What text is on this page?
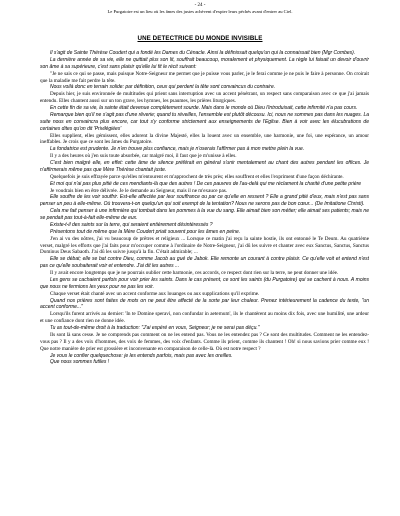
- 24 -
Le Purgatoire est un lieu où les âmes des justes achèvent d'expier leurs péchés avant d'entrer au Ciel.
UNE DETECTRICE DU MONDE INVISIBLE

Il s'agit de Sainte Thérèse Coudert qui a fondé les Dames du Cénacle. Ainsi la définissait quelqu'un qui la connaissait bien (Mgr Combes).

La dernière année de sa vie, elle ne quittait plus son lit, souffrait beaucoup, moralement et physiquement. La règle lui faisait un devoir d'ouvrir son âme à sa supérieure, c'est sans plaisir qu'elle lui fit le récit suivant:

"Je ne sais ce qui se passe, mais puisque Notre-Seigneur me permet que je puisse vous parler, je le ferai comme je ne puis le faire à personne. On croirait que la maladie me fait perdre la tête.

Nous voilà donc en terrain solide: par définition, ceux qui perdent la tête sont convaincus du contraire.

Depuis hier, je suis environnée de multitudes qui prient sans interruption avec un accent pénétrant, un respect sans comparaison avec ce que j'ai jamais entendu. Elles chantent aussi sur un ton grave, les hymnes, les psaumes, les prières liturgiques.

En cette fin de sa vie, la sainte était devenue complètement sourde. Mais dans le monde où Dieu l'introduisait, cette infirmité n'a pas cours.

Remarque bien qu'il ne s'agit pas d'une rêverie; quand tu réveilles, l'ensemble est plutôt décousu. Ici, nous ne sommes pas dans les nuages. La suite nous en convaincra plus encore, car tout s'y conforme strictement aux enseignements de l'Eglise. Bien à voir avec les élucubrations de certaines dites qu'on dit 'Privilégiées'

Elles supplient, elles gémissent, elles adorent la divine Majesté, elles la louent avec un ensemble, une harmonie, une foi, une espérance, un amour ineffables. Je crois que ce sont les âmes du Purgatoire.

La fondatrice est prudente. Je n'en trouve plus confiance, mais je n'oserais l'affirmer pas à mon mettre plein la vue.

Il y a des heures où j'en suis toute absorbée, car malgré moi, il faut que je m'unisse à elles.

C'est bien malgré elle, en effet: cette âme de silence préférait en général s'unir mentalement au chant des autres pendant les offices. Je n'affirmerais même pas que Mère Thérèse chantait juste.

Quelquefois je suis effrayée parce qu'elles m'entourent et m'approchent de très près; elles souffrent et elles l'expriment d'une façon déchirante.

Et moi qui n'ai pas plus pitié de ces mendiants-là que des autres ! De ces pauvres de l'au-delà qui me réclament la charité d'une petite prière

Je voudrais bien en être délivrée. Je le demande au Seigneur, mais il ne m'exauce pas.

Elle souffre de les voir souffrir. Est-elle affectée par leur souffrance ou par ce qu'elle en ressent ? Elle a grand pitié d'eux, mais n'est pas sans penser un peu à elle-même. Où trouvera-t-on quelqu'un qui soit exempt de la tentation? Nous ne serons pas de bon cœur... (De Imitatione Christi).

Cela me fait penser à une infirmière qui tombait dans les pommes à la vue du sang. Elle aimait bien son métier; elle aimait ses patients; mais ne se pendait pas tout-à-fait elle-même de eux.

Existe-t-il des saints sur la terre, qui seraient entièrement désintéressés ?

Présentons tout de même que la Mère Coudert priait souvent pour les âmes en peine.

J'en ai vu des nôtres, j'ai vu beaucoup de prêtres et religieux ... Lorsque ce matin j'ai reçu la sainte hostie, ils ont entonné le Te Deum. Au quatrième verset, malgré les efforts que j'ai faits pour m'occuper comme à l'ordinaire de Notre-Seigneur, j'ai dû les suivre et chanter avec eux Sanctus, Sanctus, Sanctus Dominus Deus Sabaoth. J'ai dû les suivre jusqu'à la fin. C'était admirable; ...

Elle se débat; elle se bat contre Dieu, comme Jacob au gué de Jabok. Elle remonte un courant à contre plaisir. Ce qu'elle voit et entend n'est pas ce qu'elle souhaiterait voir et entendre. J'ai dit les autres ...

Il y avait encore longtemps que je ne pourrais oublier cette harmonie, ces accords, ce respect dont rien sur la terre, ne peut donner une idée.

Les gens se cachaient parfois pour voir prier les saints. Dans le cas présent, ce sont les saints (du Purgatoire) qui se cachent à nous. A moins que nous ne fermions les yeux pour ne pas les voir.

Chaque verset était chanté avec un accent conforme aux louanges ou aux supplications qu'il exprime.

Quand nos prières sont faites de mots on ne peut être affecté de la sorte par leur chaleur. Prenez intérieurement la cadence du texte, "un accent conforme..."

Lorsqu'ils furent arrivés au dernier: 'In te Domine speravi, non confundar in aeternum', ils le chantèrent au moins dix fois, avec une humilité, une ardeur et une confiance dont rien ne donne idée.

Tu as tout-de-même droit à la traduction: "J'ai espéré en vous, Seigneur; je ne serai pas déçu."

Ils sont là sans cesse. Je ne comprends pas comment on ne les entend pas. Vous ne les entendez pas ? Ce sont des multitudes. Comment ne les entendez-vous pas ? Il y a des voix d'hommes, des voix de femmes, des voix d'enfants. Comme ils prient, comme ils chantent ! Oh! si nous savions prier comme eux ! Que notre manière de prier est grossière et inconvenante en comparaison de celle-là. Où est notre respect ?

Je vous le confier quelquechose: je les entends parfois, mais pas avec les oreilles.

Que nous sommes futiles !
